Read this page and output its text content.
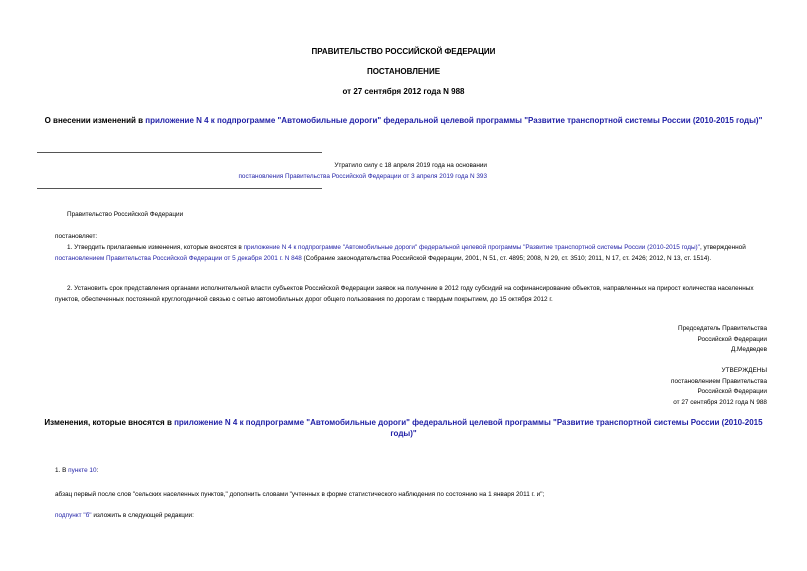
ПРАВИТЕЛЬСТВО РОССИЙСКОЙ ФЕДЕРАЦИИ
ПОСТАНОВЛЕНИЕ
от 27 сентября 2012 года N 988
О внесении изменений в приложение N 4 к подпрограмме "Автомобильные дороги" федеральной целевой программы "Развитие транспортной системы России (2010-2015 годы)"
Утратило силу с 18 апреля 2019 года на основании
постановления Правительства Российской Федерации от 3 апреля 2019 года N 393
Правительство Российской Федерации
постановляет:
1. Утвердить прилагаемые изменения, которые вносятся в приложение N 4 к подпрограмме "Автомобильные дороги" федеральной целевой программы "Развитие транспортной системы России (2010-2015 годы)", утвержденной постановлением Правительства Российской Федерации от 5 декабря 2001 г. N 848 (Собрание законодательства Российской Федерации, 2001, N 51, ст. 4895; 2008, N 29, ст. 3510; 2011, N 17, ст. 2426; 2012, N 13, ст. 1514).
2. Установить срок представления органами исполнительной власти субъектов Российской Федерации заявок на получение в 2012 году субсидий на софинансирование объектов, направленных на прирост количества населенных пунктов, обеспеченных постоянной круглогодичной связью с сетью автомобильных дорог общего пользования по дорогам с твердым покрытием, до 15 октября 2012 г.
Председатель Правительства
Российской Федерации
Д.Медведев
УТВЕРЖДЕНЫ
постановлением Правительства
Российской Федерации
от 27 сентября 2012 года N 988
Изменения, которые вносятся в приложение N 4 к подпрограмме "Автомобильные дороги" федеральной целевой программы "Развитие транспортной системы России (2010-2015 годы)"
1. В пункте 10:
абзац первый после слов "сельских населенных пунктов," дополнить словами "учтенных в форме статистического наблюдения по состоянию на 1 января 2011 г. и";
подпункт "б" изложить в следующей редакции:
